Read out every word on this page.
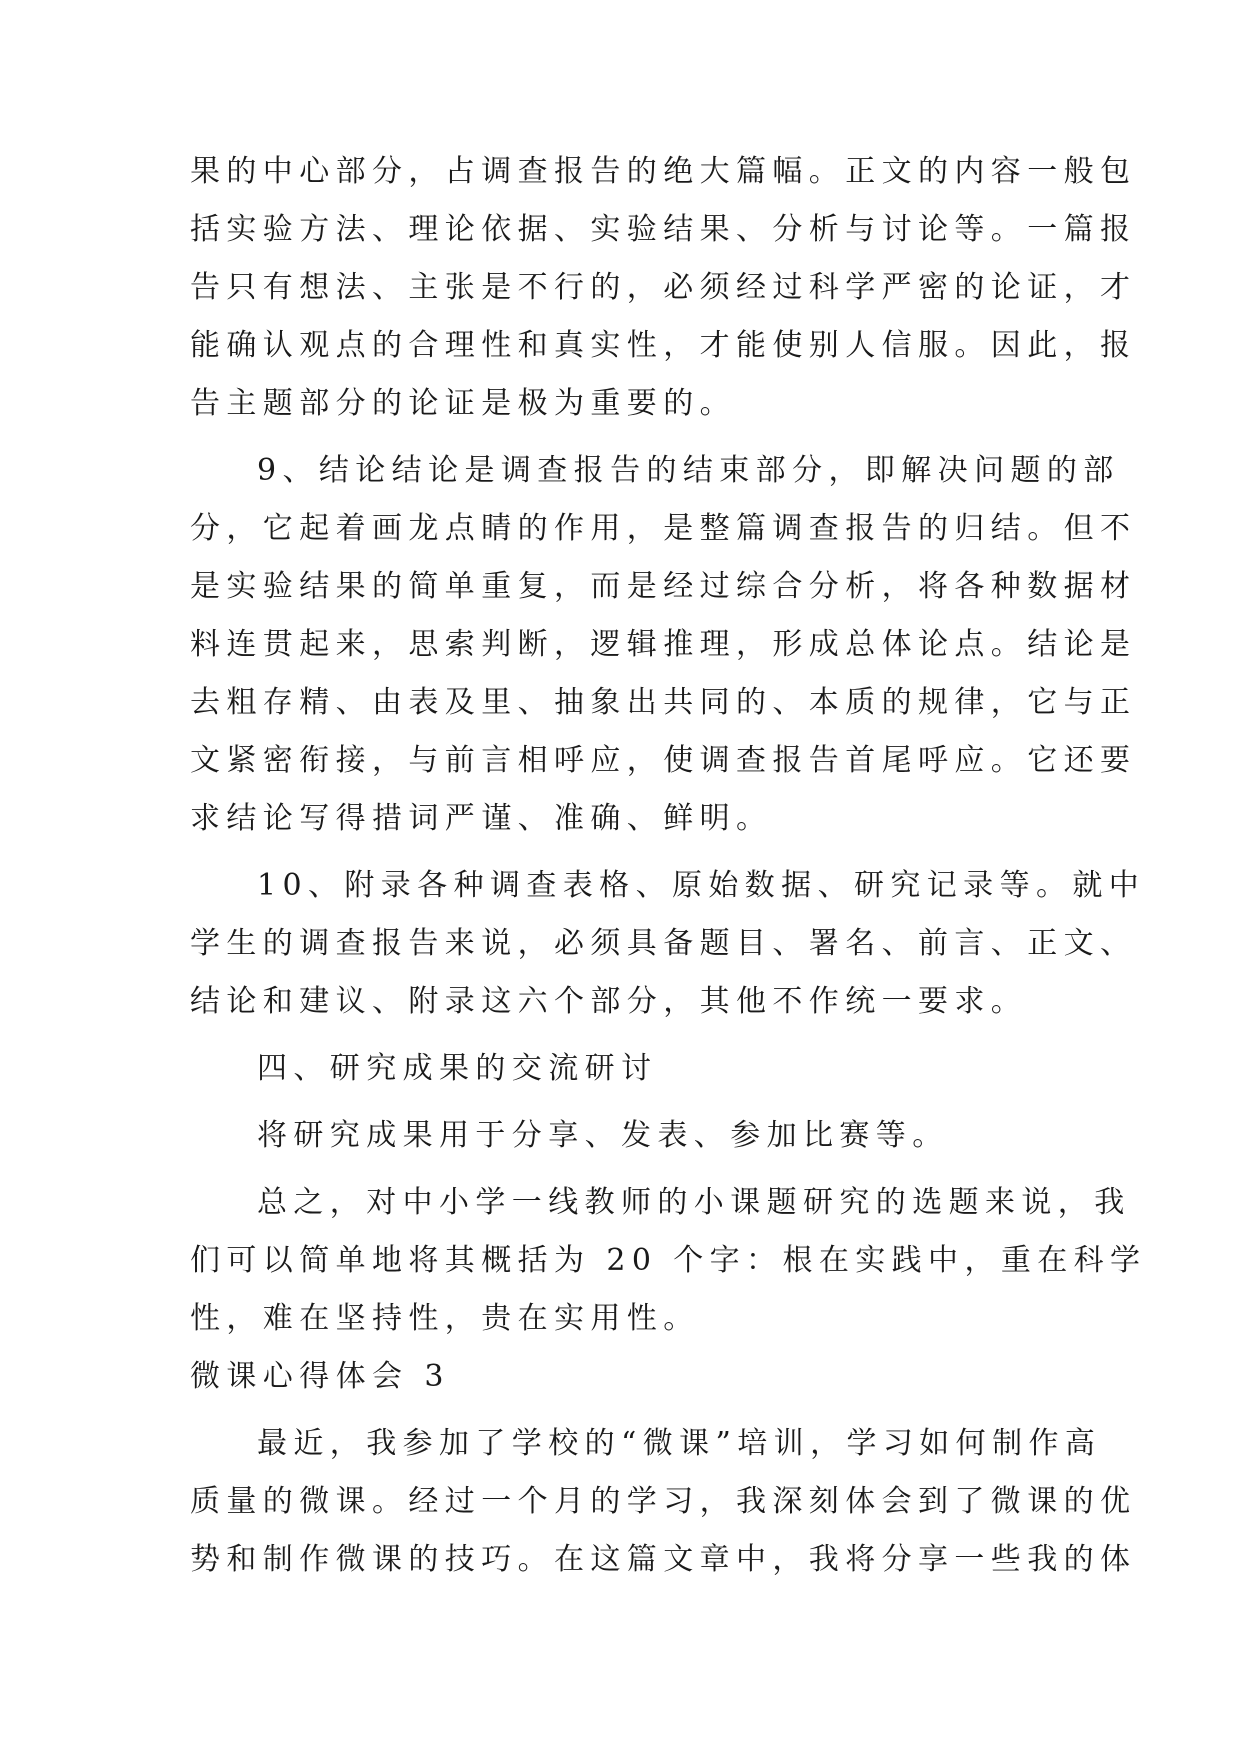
果的中心部分，占调查报告的绝大篇幅。正文的内容一般包
括实验方法、理论依据、实验结果、分析与讨论等。一篇报
告只有想法、主张是不行的，必须经过科学严密的论证，才
能确认观点的合理性和真实性，才能使别人信服。因此，报
告主题部分的论证是极为重要的。
9、结论结论是调查报告的结束部分，即解决问题的部
分，它起着画龙点睛的作用，是整篇调查报告的归结。但不
是实验结果的简单重复，而是经过综合分析，将各种数据材
料连贯起来，思索判断，逻辑推理，形成总体论点。结论是
去粗存精、由表及里、抽象出共同的、本质的规律，它与正
文紧密衔接，与前言相呼应，使调查报告首尾呼应。它还要
求结论写得措词严谨、准确、鲜明。
10、附录各种调查表格、原始数据、研究记录等。就中
学生的调查报告来说，必须具备题目、署名、前言、正文、
结论和建议、附录这六个部分，其他不作统一要求。
四、研究成果的交流研讨
将研究成果用于分享、发表、参加比赛等。
总之，对中小学一线教师的小课题研究的选题来说，我
们可以简单地将其概括为 20 个字：根在实践中，重在科学
性，难在坚持性，贵在实用性。
微课心得体会 3
最近，我参加了学校的“微课”培训，学习如何制作高
质量的微课。经过一个月的学习，我深刻体会到了微课的优
势和制作微课的技巧。在这篇文章中，我将分享一些我的体
